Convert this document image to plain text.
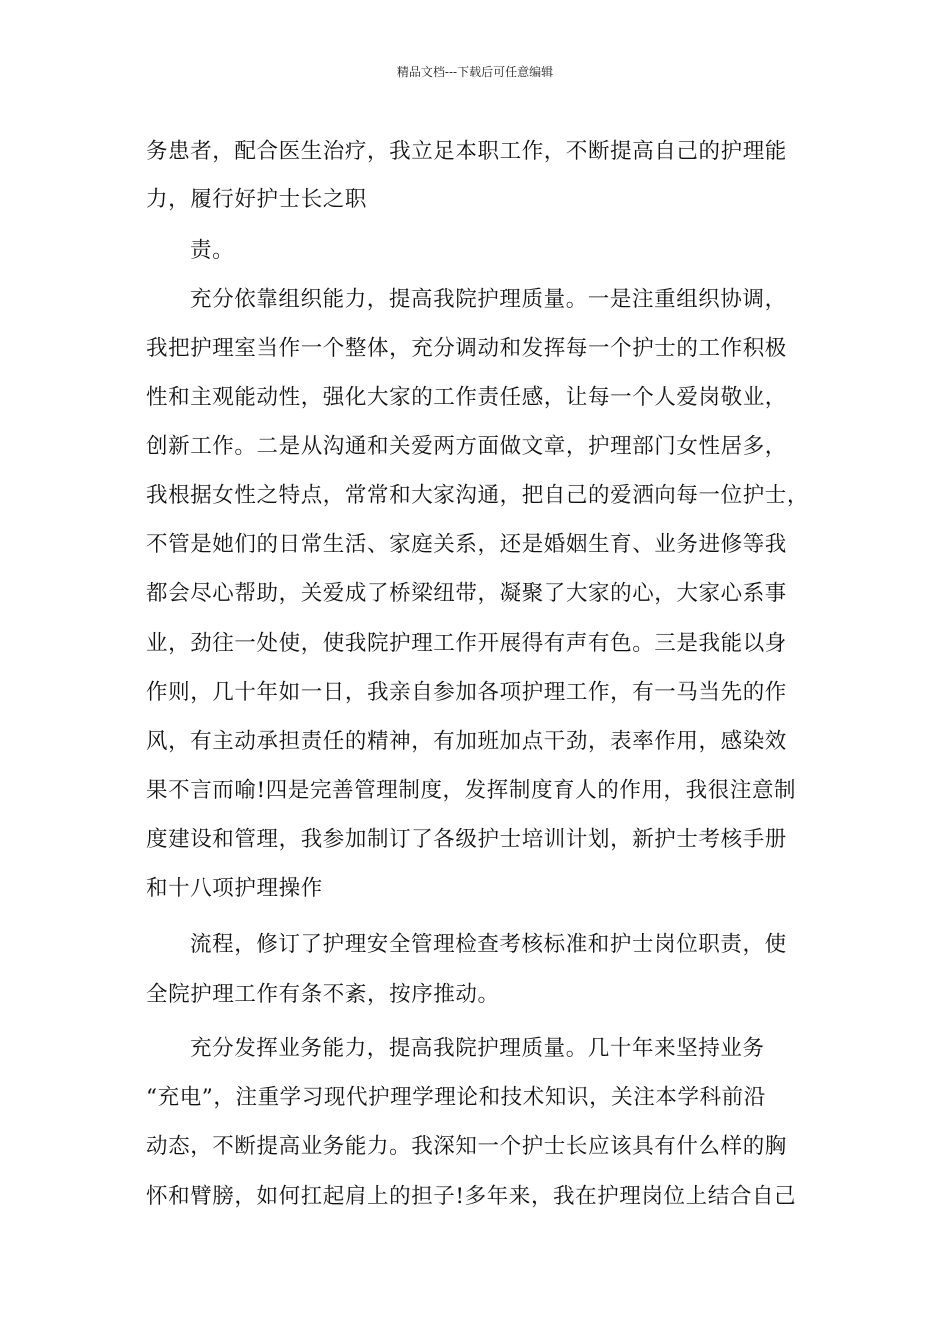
精品文档---下载后可任意编辑
务患者，配合医生治疗，我立足本职工作，不断提高自己的护理能
力，履行好护士长之职
责。
充分依靠组织能力，提高我院护理质量。一是注重组织协调，
我把护理室当作一个整体，充分调动和发挥每一个护士的工作积极
性和主观能动性，强化大家的工作责任感，让每一个人爱岗敬业，
创新工作。二是从沟通和关爱两方面做文章，护理部门女性居多，
我根据女性之特点，常常和大家沟通，把自己的爱洒向每一位护士，
不管是她们的日常生活、家庭关系，还是婚姻生育、业务进修等我
都会尽心帮助，关爱成了桥梁纽带，凝聚了大家的心，大家心系事
业，劲往一处使，使我院护理工作开展得有声有色。三是我能以身
作则，几十年如一日，我亲自参加各项护理工作，有一马当先的作
风，有主动承担责任的精神，有加班加点干劲，表率作用，感染效
果不言而喻!四是完善管理制度，发挥制度育人的作用，我很注意制
度建设和管理，我参加制订了各级护士培训计划，新护士考核手册
和十八项护理操作
流程，修订了护理安全管理检查考核标准和护士岗位职责，使
全院护理工作有条不紊，按序推动。
充分发挥业务能力，提高我院护理质量。几十年来坚持业务
“充电”，注重学习现代护理学理论和技术知识，关注本学科前沿
动态，不断提高业务能力。我深知一个护士长应该具有什么样的胸
怀和臂膀，如何扛起肩上的担子!多年来，我在护理岗位上结合自己
